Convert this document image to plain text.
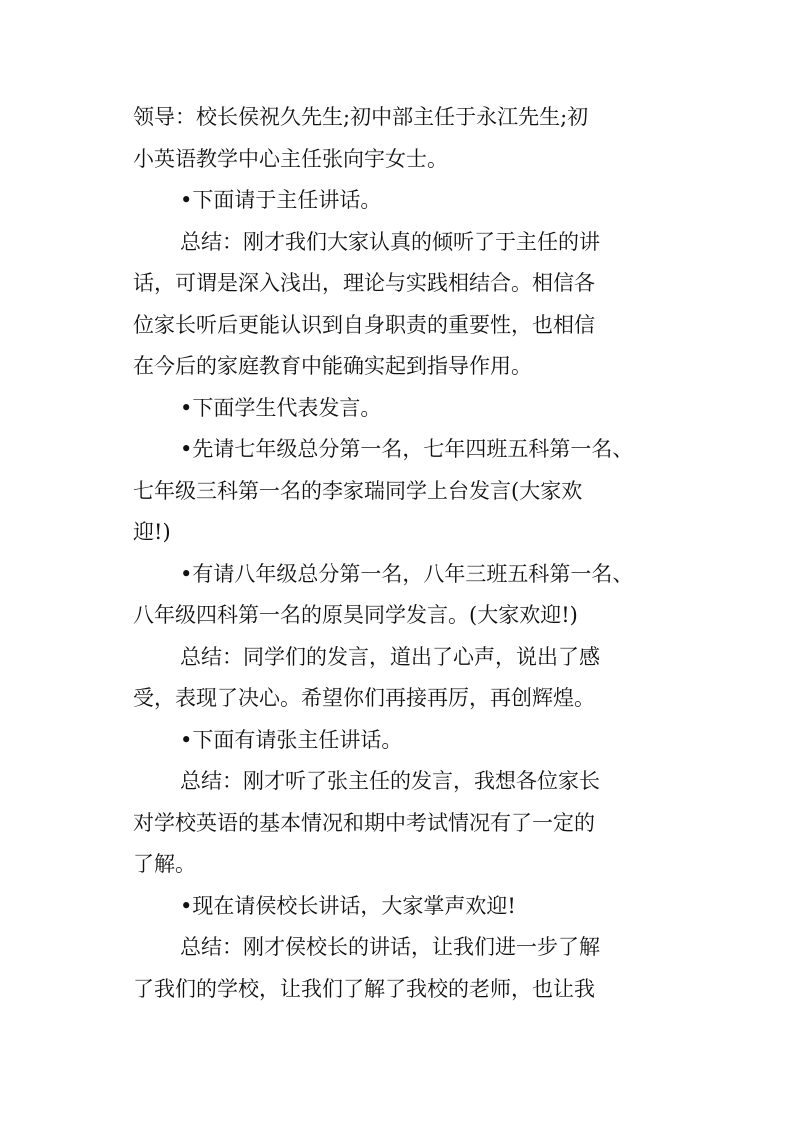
领导：校长侯祝久先生;初中部主任于永江先生;初
小英语教学中心主任张向宇女士。
•下面请于主任讲话。
总结：刚才我们大家认真的倾听了于主任的讲
话，可谓是深入浅出，理论与实践相结合。相信各
位家长听后更能认识到自身职责的重要性，也相信
在今后的家庭教育中能确实起到指导作用。
•下面学生代表发言。
•先请七年级总分第一名，七年四班五科第一名、
七年级三科第一名的李家瑞同学上台发言(大家欢
迎!)
•有请八年级总分第一名，八年三班五科第一名、
八年级四科第一名的原昊同学发言。(大家欢迎!)
总结：同学们的发言，道出了心声，说出了感
受，表现了决心。希望你们再接再厉，再创辉煌。
•下面有请张主任讲话。
总结：刚才听了张主任的发言，我想各位家长
对学校英语的基本情况和期中考试情况有了一定的
了解。
•现在请侯校长讲话，大家掌声欢迎!
总结：刚才侯校长的讲话，让我们进一步了解
了我们的学校，让我们了解了我校的老师，也让我
